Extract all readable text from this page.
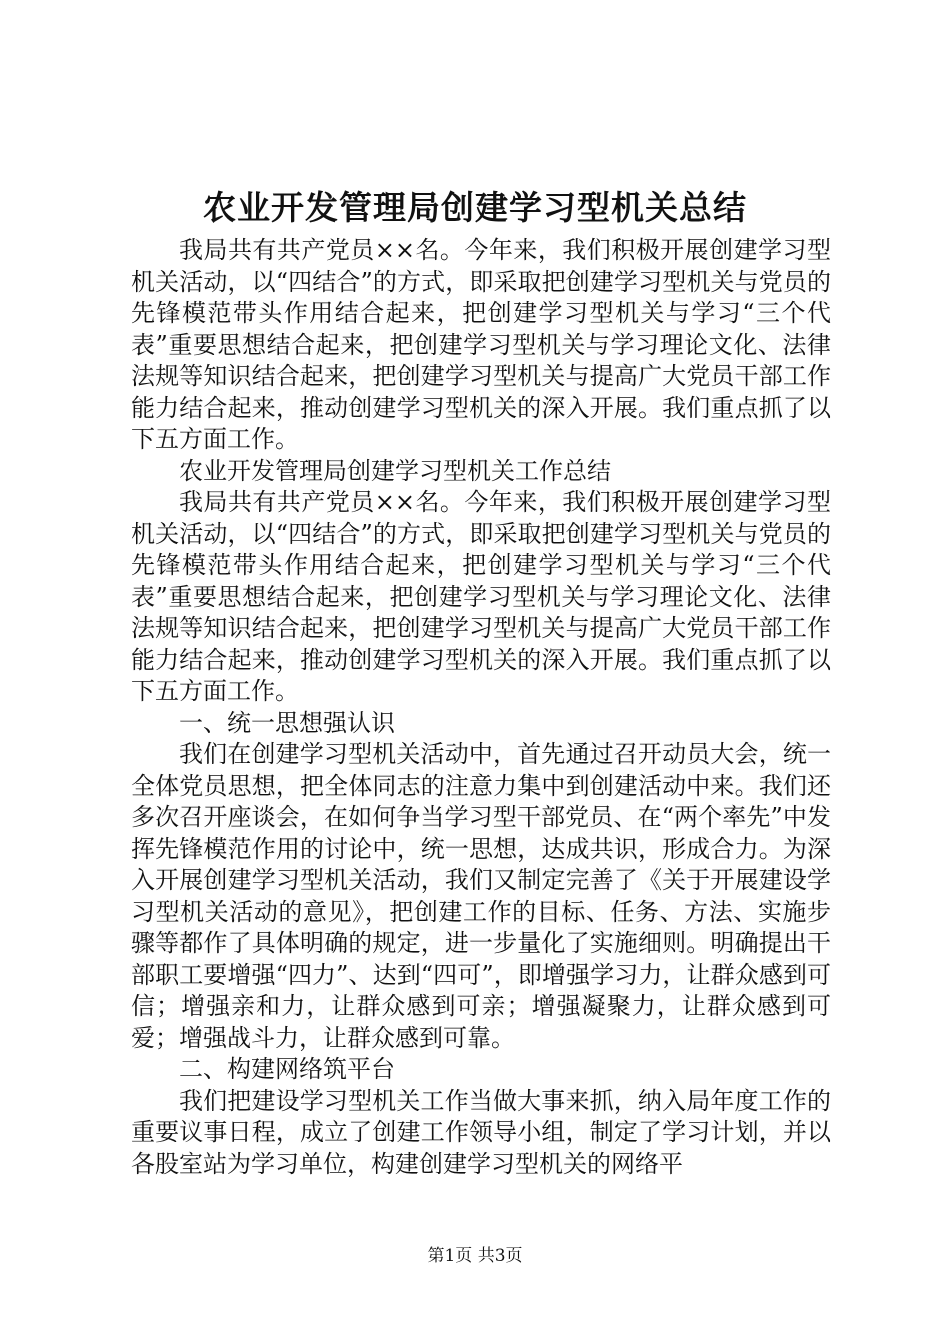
农业开发管理局创建学习型机关总结

我局共有共产党员××名。今年来，我们积极开展创建学习型机关活动，以“四结合”的方式，即采取把创建学习型机关与党员的先锋模范带头作用结合起来，把创建学习型机关与学习“三个代表”重要思想结合起来，把创建学习型机关与学习理论文化、法律法规等知识结合起来，把创建学习型机关与提高广大党员干部工作能力结合起来，推动创建学习型机关的深入开展。我们重点抓了以下五方面工作。

农业开发管理局创建学习型机关工作总结

我局共有共产党员××名。今年来，我们积极开展创建学习型机关活动，以“四结合”的方式，即采取把创建学习型机关与党员的先锋模范带头作用结合起来，把创建学习型机关与学习“三个代表”重要思想结合起来，把创建学习型机关与学习理论文化、法律法规等知识结合起来，把创建学习型机关与提高广大党员干部工作能力结合起来，推动创建学习型机关的深入开展。我们重点抓了以下五方面工作。

一、统一思想强认识

我们在创建学习型机关活动中，首先通过召开动员大会，统一全体党员思想，把全体同志的注意力集中到创建活动中来。我们还多次召开座谈会，在如何争当学习型干部党员、在“两个率先”中发挥先锋模范作用的讨论中，统一思想，达成共识，形成合力。为深入开展创建学习型机关活动，我们又制定完善了《关于开展建设学习型机关活动的意见》，把创建工作的目标、任务、方法、实施步骤等都作了具体明确的规定，进一步量化了实施细则。明确提出干部职工要增强“四力”、达到“四可”，即增强学习力，让群众感到可信；增强亲和力，让群众感到可亲；增强凝聚力，让群众感到可爱；增强战斗力，让群众感到可靠。

二、构建网络筑平台

我们把建设学习型机关工作当做大事来抓，纳入局年度工作的重要议事日程，成立了创建工作领导小组，制定了学习计划，并以各股室站为学习单位，构建创建学习型机关的网络平

第1页 共3页
